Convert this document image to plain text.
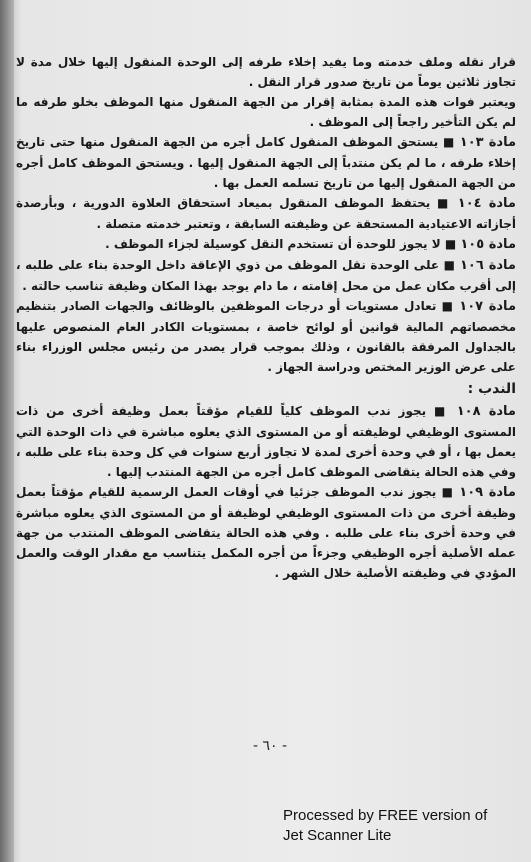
قرار نقله وملف خدمته وما يفيد إخلاء طرفه إلى الوحدة المنقول إليها خلال مدة لا تجاوز ثلاثين يوماً من تاريخ صدور قرار النقل .

ويعتبر فوات هذه المدة بمثابة إقرار من الجهة المنقول منها الموظف بخلو طرفه ما لم يكن التأخير راجعاً إلى الموظف .

مادة ١٠٣ ■ يستحق الموظف المنقول كامل أجره من الجهة المنقول منها حتى تاريخ إخلاء طرفه ، ما لم يكن منتدباً إلى الجهة المنقول إليها . ويستحق الموظف كامل أجره من الجهة المنقول إليها من تاريخ تسلمه العمل بها .

مادة ١٠٤ ■ يحتفظ الموظف المنقول بميعاد استحقاق العلاوة الدورية ، وبأرصدة أجازاته الاعتيادية المستحقة عن وظيفته السابقة ، وتعتبر خدمته متصلة .

مادة ١٠٥ ■ لا يجوز للوحدة أن تستخدم النقل كوسيلة لجزاء الموظف .

مادة ١٠٦ ■ على الوحدة نقل الموظف من ذوي الإعاقة داخل الوحدة بناء على طلبه ، إلى أقرب مكان عمل من محل إقامته ، ما دام يوجد بهذا المكان وظيفة تناسب حالته .

مادة ١٠٧ ■ تعادل مستويات أو درجات الموظفين بالوظائف والجهات الصادر بتنظيم مخصصاتهم المالية قوانين أو لوائح خاصة ، بمستويات الكادر العام المنصوص عليها بالجداول المرفقة بالقانون ، وذلك بموجب قرار يصدر من رئيس مجلس الوزراء بناء على عرض الوزير المختص ودراسة الجهاز .

الندب :

مادة ١٠٨ ■ يجوز ندب الموظف كلياً للقيام مؤقتاً بعمل وظيفة أخرى من ذات المستوى الوظيفي لوظيفته أو من المستوى الذي يعلوه مباشرة في ذات الوحدة التي يعمل بها ، أو في وحدة أخرى لمدة لا تجاوز أربع سنوات في كل وحدة بناء على طلبه ، وفي هذه الحالة يتقاضى الموظف كامل أجره من الجهة المنتدب إليها .

مادة ١٠٩ ■ يجوز ندب الموظف جزئيا في أوقات العمل الرسمية للقيام مؤقتاً بعمل وظيفة أخرى من ذات المستوى الوظيفي لوظيفة أو من المستوى الذي يعلوه مباشرة في وحدة أخرى بناء على طلبه . وفي هذه الحالة يتقاضى الموظف المنتدب من جهة عمله الأصلية أجره الوظيفي وجزءاً من أجره المكمل يتناسب مع مقدار الوقت والعمل المؤدي في وظيفته الأصلية خلال الشهر .

- ٦٠ -
Processed by FREE version of
Jet Scanner Lite
